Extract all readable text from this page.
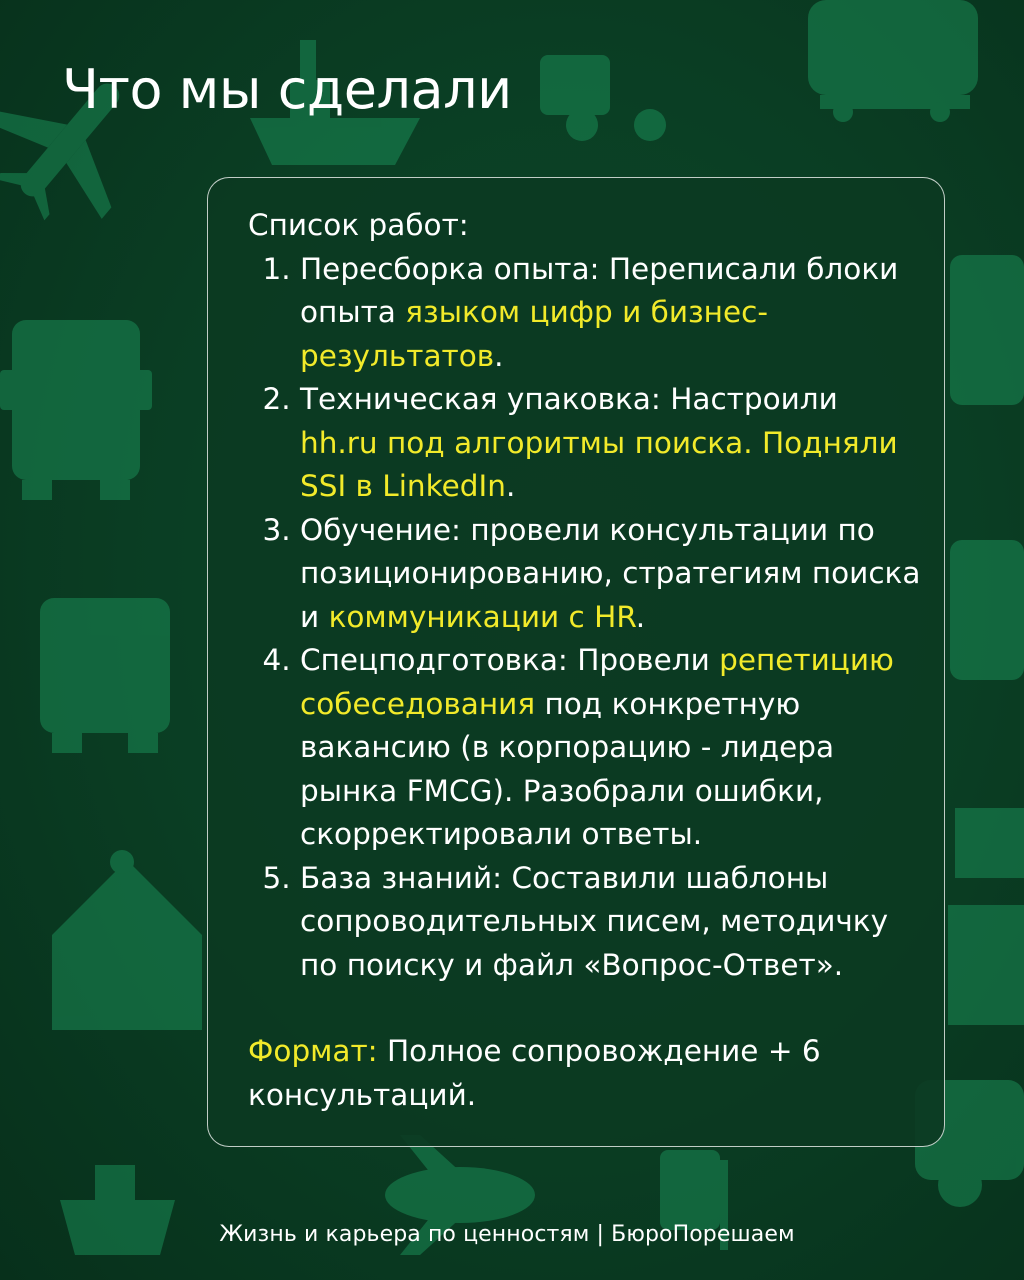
Что мы сделали

Список работ:

1. Пересборка опыта: Переписали блоки опыта языком цифр и бизнес-результатов.
2. Техническая упаковка: Настроили hh.ru под алгоритмы поиска. Подняли SSI в LinkedIn.
3. Обучение: провели консультации по позиционированию, стратегиям поиска и коммуникации с HR.
4. Спецподготовка: Провели репетицию собеседования под конкретную вакансию (в корпорацию - лидера рынка FMCG). Разобрали ошибки, скорректировали ответы.
5. База знаний: Составили шаблоны сопроводительных писем, методичку по поиску и файл «Вопрос-Ответ».

Формат: Полное сопровождение + 6 консультаций.

Жизнь и карьера по ценностям | БюроПорешаем
